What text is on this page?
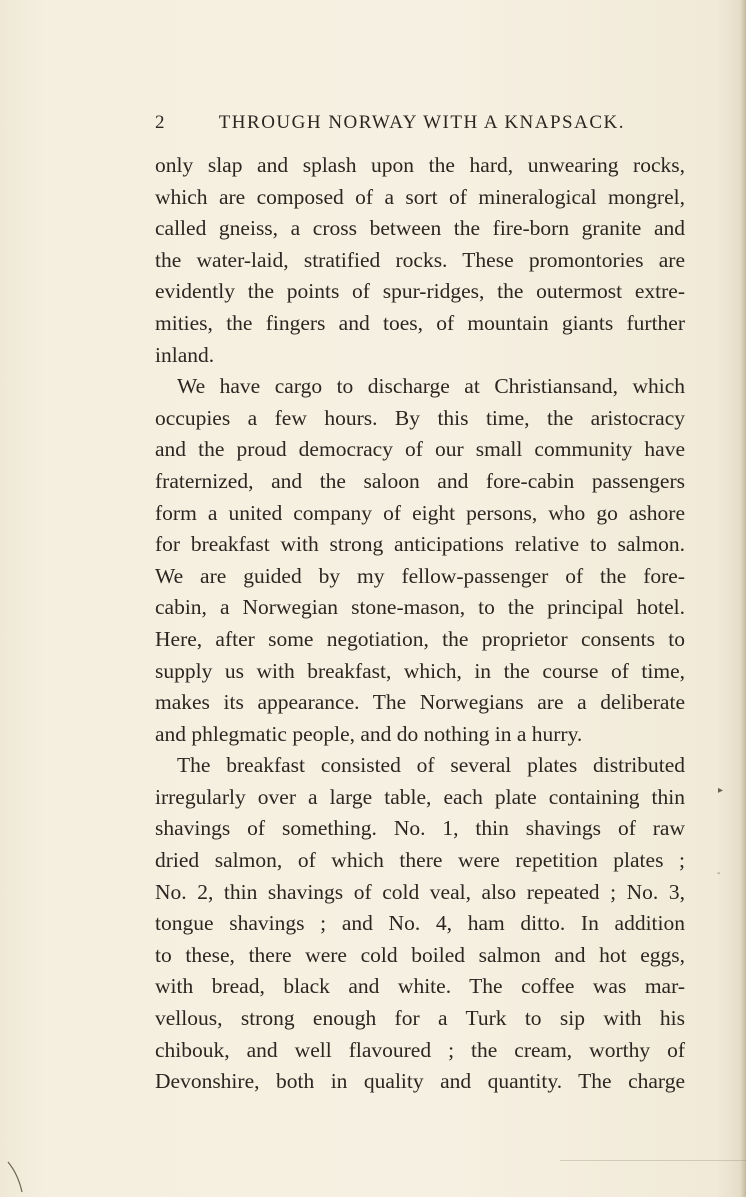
2	THROUGH NORWAY WITH A KNAPSACK.
only slap and splash upon the hard, unwearing rocks,
which are composed of a sort of mineralogical mongrel,
called gneiss, a cross between the fire-born granite and
the water-laid, stratified rocks. These promontories are
evidently the points of spur-ridges, the outermost extre-
mities, the fingers and toes, of mountain giants further
inland.
We have cargo to discharge at Christiansand, which
occupies a few hours. By this time, the aristocracy
and the proud democracy of our small community have
fraternized, and the saloon and fore-cabin passengers
form a united company of eight persons, who go ashore
for breakfast with strong anticipations relative to salmon.
We are guided by my fellow-passenger of the fore-
cabin, a Norwegian stone-mason, to the principal hotel.
Here, after some negotiation, the proprietor consents to
supply us with breakfast, which, in the course of time,
makes its appearance. The Norwegians are a deliberate
and phlegmatic people, and do nothing in a hurry.
The breakfast consisted of several plates distributed
irregularly over a large table, each plate containing thin
shavings of something. No. 1, thin shavings of raw
dried salmon, of which there were repetition plates ;
No. 2, thin shavings of cold veal, also repeated ; No. 3,
tongue shavings ; and No. 4, ham ditto. In addition
to these, there were cold boiled salmon and hot eggs,
with bread, black and white. The coffee was mar-
vellous, strong enough for a Turk to sip with his
chibouk, and well flavoured ; the cream, worthy of
Devonshire, both in quality and quantity. The charge
▸
-
